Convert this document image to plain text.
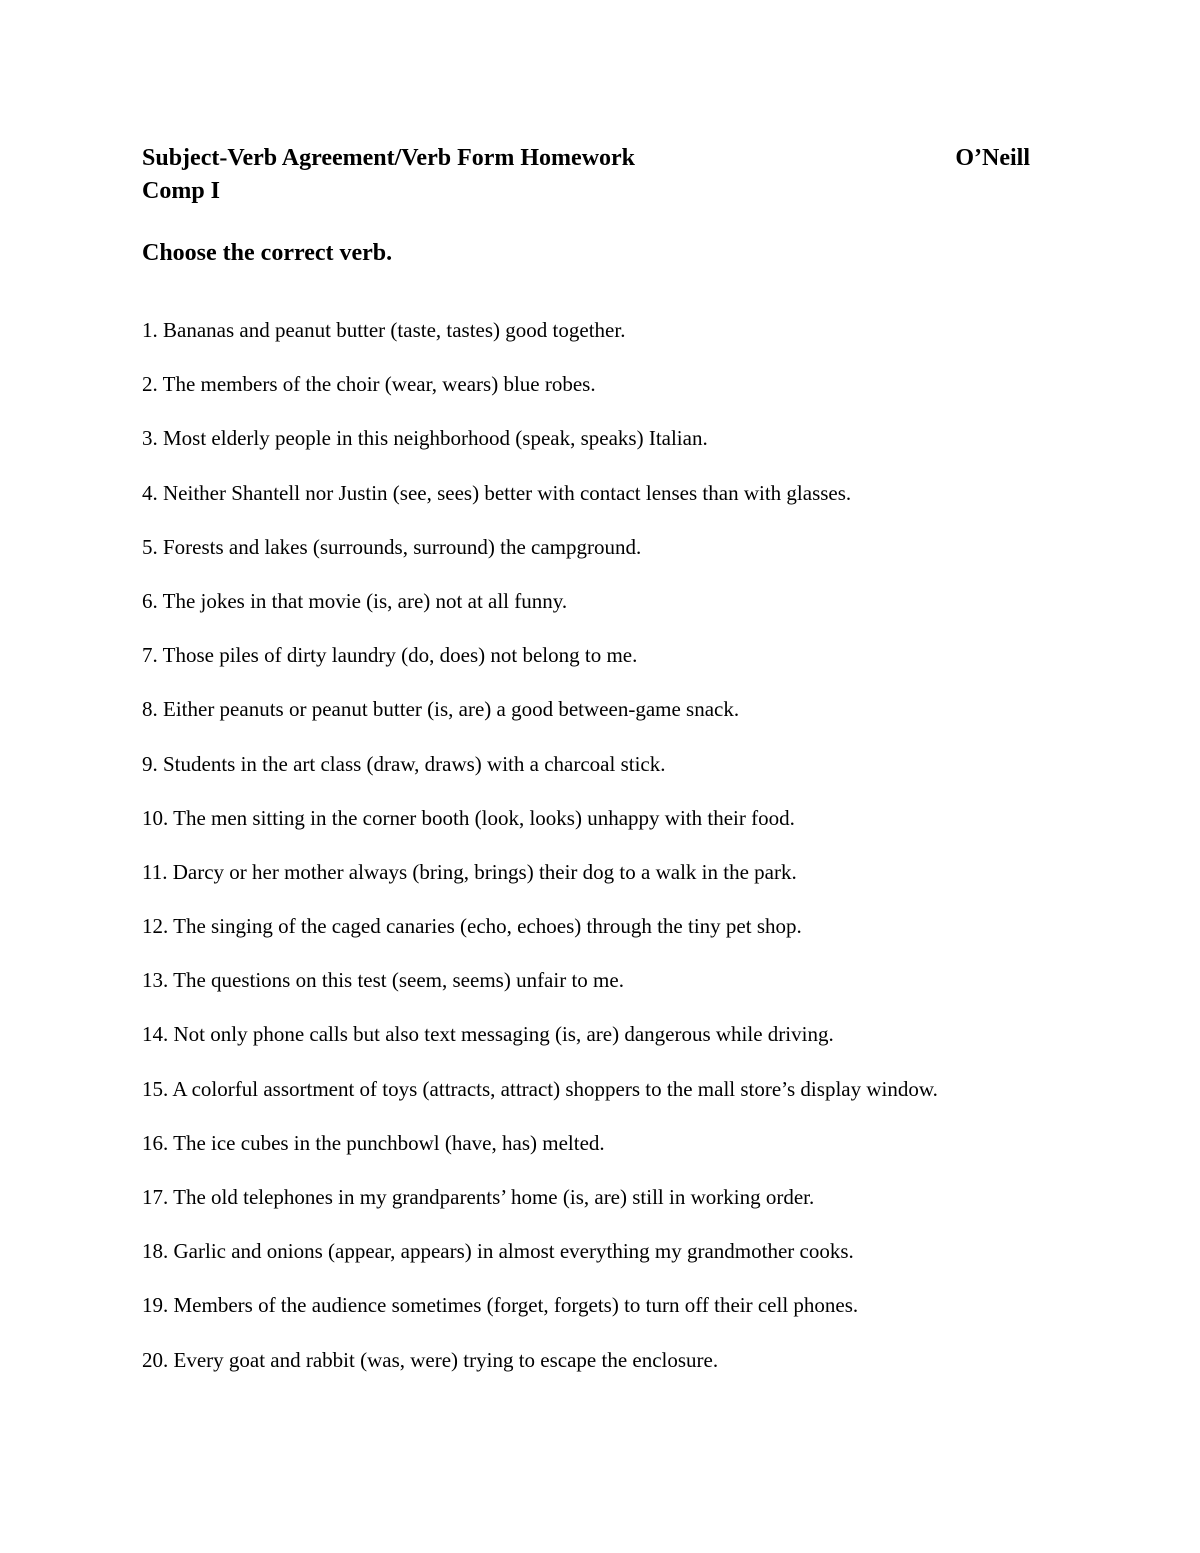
Subject-Verb Agreement/Verb Form Homework	O’Neill
Comp I
Choose the correct verb.
1. Bananas and peanut butter (taste, tastes) good together.
2. The members of the choir (wear, wears) blue robes.
3. Most elderly people in this neighborhood (speak, speaks) Italian.
4. Neither Shantell nor Justin (see, sees) better with contact lenses than with glasses.
5. Forests and lakes (surrounds, surround) the campground.
6. The jokes in that movie (is, are) not at all funny.
7. Those piles of dirty laundry (do, does) not belong to me.
8. Either peanuts or peanut butter (is, are) a good between-game snack.
9. Students in the art class (draw, draws) with a charcoal stick.
10. The men sitting in the corner booth (look, looks) unhappy with their food.
11. Darcy or her mother always (bring, brings) their dog to a walk in the park.
12. The singing of the caged canaries (echo, echoes) through the tiny pet shop.
13. The questions on this test (seem, seems) unfair to me.
14. Not only phone calls but also text messaging (is, are) dangerous while driving.
15. A colorful assortment of toys (attracts, attract) shoppers to the mall store’s display window.
16. The ice cubes in the punchbowl (have, has) melted.
17. The old telephones in my grandparents’ home (is, are) still in working order.
18. Garlic and onions (appear, appears) in almost everything my grandmother cooks.
19. Members of the audience sometimes (forget, forgets) to turn off their cell phones.
20. Every goat and rabbit (was, were) trying to escape the enclosure.
